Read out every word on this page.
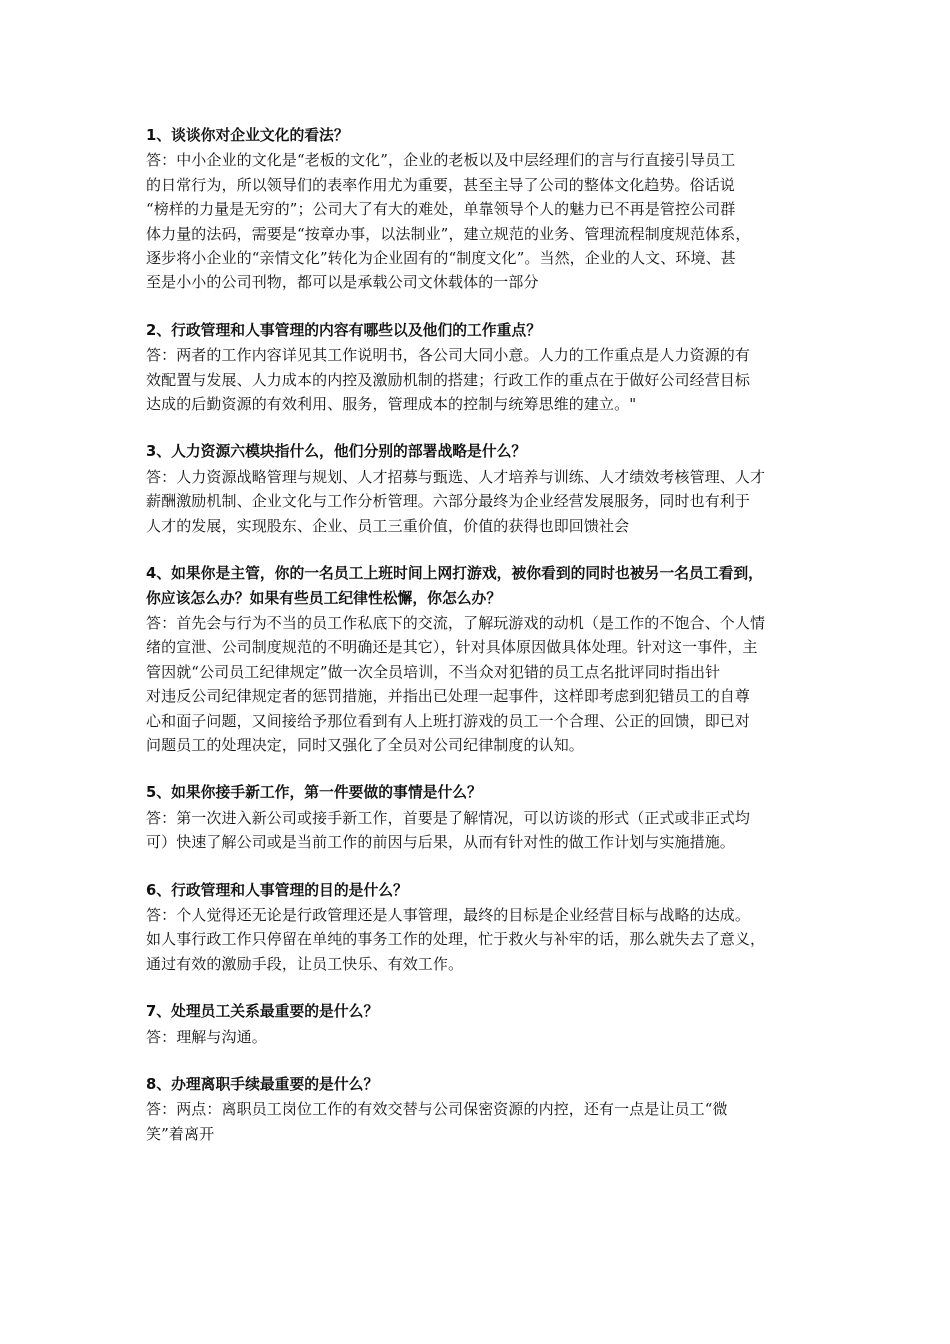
1、谈谈你对企业文化的看法？
答：中小企业的文化是“老板的文化”，企业的老板以及中层经理们的言与行直接引导员工
的日常行为，所以领导们的表率作用尤为重要，甚至主导了公司的整体文化趋势。俗话说
“榜样的力量是无穷的”；公司大了有大的难处，单靠领导个人的魅力已不再是管控公司群
体力量的法码，需要是“按章办事，以法制业”，建立规范的业务、管理流程制度规范体系，
逐步将小企业的“亲情文化”转化为企业固有的“制度文化”。当然，企业的人文、环境、甚
至是小小的公司刊物，都可以是承载公司文休载体的一部分
2、行政管理和人事管理的内容有哪些以及他们的工作重点？
答：两者的工作内容详见其工作说明书，各公司大同小意。人力的工作重点是人力资源的有
效配置与发展、人力成本的内控及激励机制的搭建；行政工作的重点在于做好公司经营目标
达成的后勤资源的有效利用、服务，管理成本的控制与统筹思维的建立。"
3、人力资源六模块指什么，他们分别的部署战略是什么？
答：人力资源战略管理与规划、人才招募与甄选、人才培养与训练、人才绩效考核管理、人才
薪酬激励机制、企业文化与工作分析管理。六部分最终为企业经营发展服务，同时也有利于
人才的发展，实现股东、企业、员工三重价值，价值的获得也即回馈社会
4、如果你是主管，你的一名员工上班时间上网打游戏，被你看到的同时也被另一名员工看到，
你应该怎么办？如果有些员工纪律性松懈，你怎么办？
答：首先会与行为不当的员工作私底下的交流，了解玩游戏的动机（是工作的不饱合、个人情
绪的宣泄、公司制度规范的不明确还是其它），针对具体原因做具体处理。针对这一事件，主
管因就“公司员工纪律规定”做一次全员培训，不当众对犯错的员工点名批评同时指出针
对违反公司纪律规定者的惩罚措施，并指出已处理一起事件，这样即考虑到犯错员工的自尊
心和面子问题，又间接给予那位看到有人上班打游戏的员工一个合理、公正的回馈，即已对
问题员工的处理决定，同时又强化了全员对公司纪律制度的认知。
5、如果你接手新工作，第一件要做的事情是什么？
答：第一次进入新公司或接手新工作，首要是了解情况，可以访谈的形式（正式或非正式均
可）快速了解公司或是当前工作的前因与后果，从而有针对性的做工作计划与实施措施。
6、行政管理和人事管理的目的是什么？
答：个人觉得还无论是行政管理还是人事管理，最终的目标是企业经营目标与战略的达成。
如人事行政工作只停留在单纯的事务工作的处理，忙于救火与补牢的话，那么就失去了意义，
通过有效的激励手段，让员工快乐、有效工作。
7、处理员工关系最重要的是什么？
答：理解与沟通。
8、办理离职手续最重要的是什么？
答：两点：离职员工岗位工作的有效交替与公司保密资源的内控，还有一点是让员工“微
笑”着离开
